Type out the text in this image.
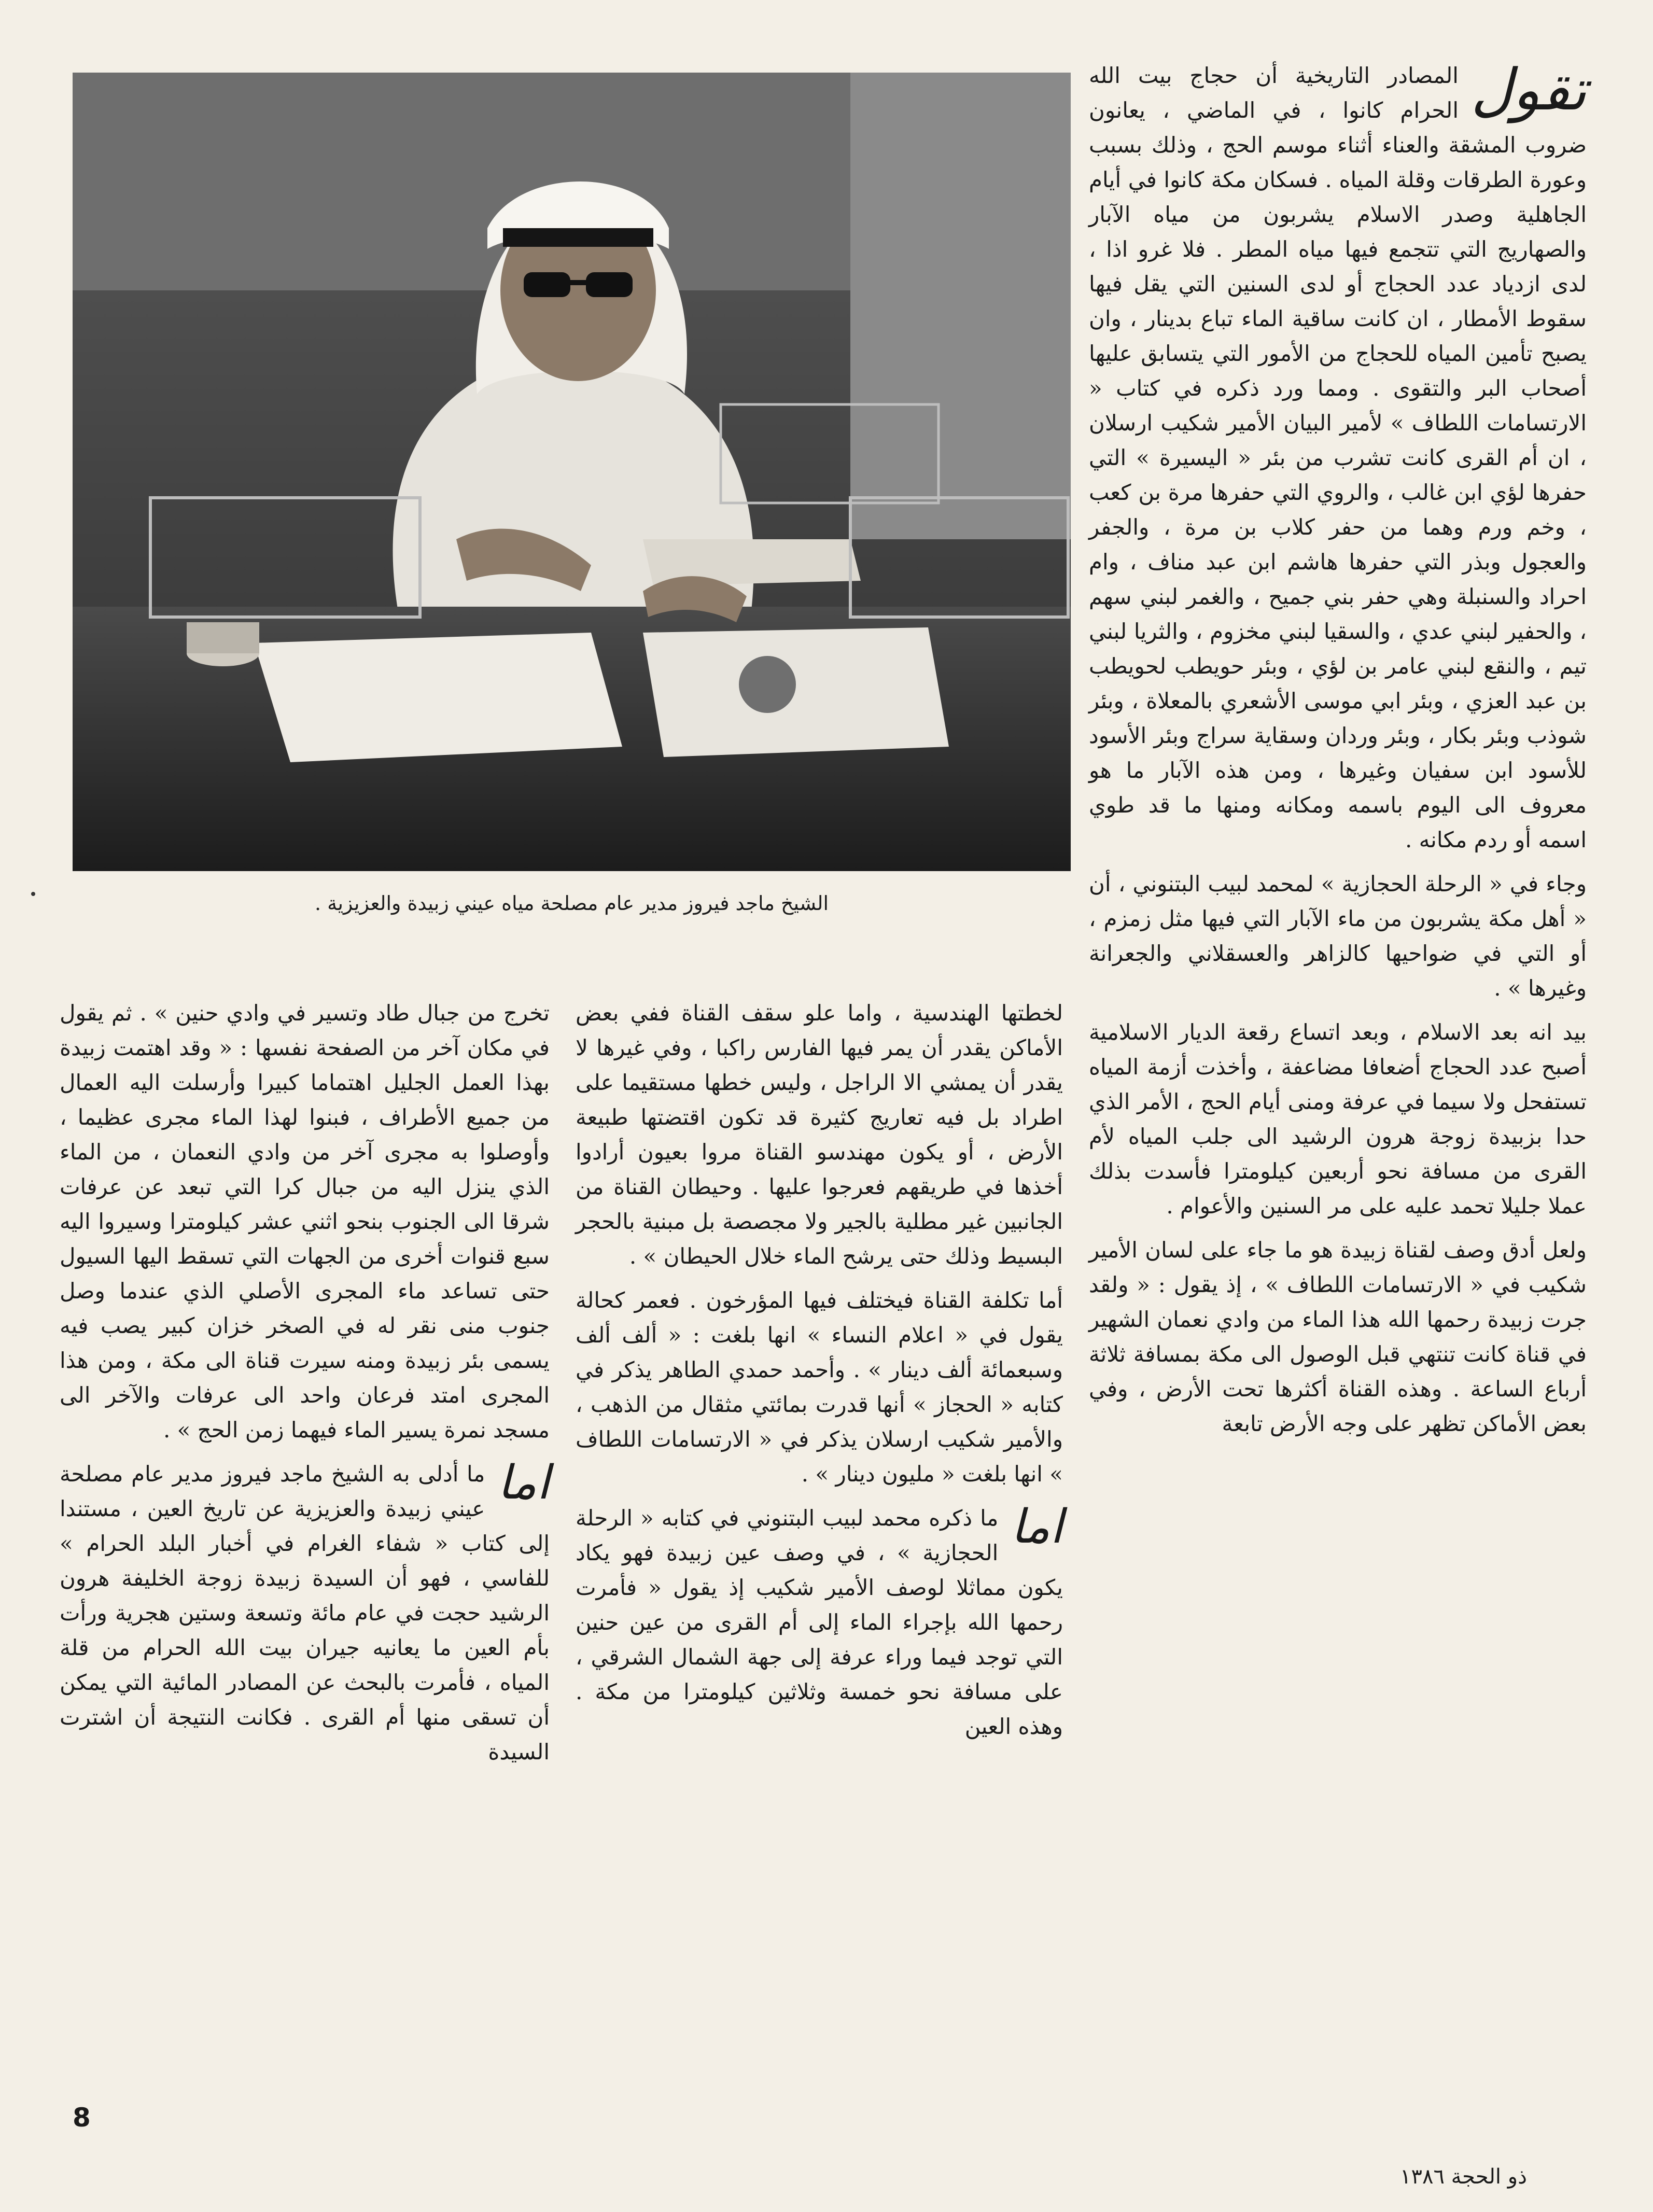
تقول

المصادر التاريخية أن حجاج بيت الله الحرام كانوا ، في الماضي ، يعانون ضروب المشقة والعناء أثناء موسم الحج ، وذلك بسبب وعورة الطرقات وقلة المياه . فسكان مكة كانوا في أيام الجاهلية وصدر الاسلام يشربون من مياه الآبار والصهاريج التي تتجمع فيها مياه المطر . فلا غرو اذا ، لدى ازدياد عدد الحجاج أو لدى السنين التي يقل فيها سقوط الأمطار ، ان كانت ساقية الماء تباع بدينار ، وان يصبح تأمين المياه للحجاج من الأمور التي يتسابق عليها أصحاب البر والتقوى . ومما ورد ذكره في كتاب « الارتسامات اللطاف » لأمير البيان الأمير شكيب ارسلان ، ان أم القرى كانت تشرب من بئر « اليسيرة » التي حفرها لؤي ابن غالب ، والروي التي حفرها مرة بن كعب ، وخم ورم وهما من حفر كلاب بن مرة ، والجفر والعجول وبذر التي حفرها هاشم ابن عبد مناف ، وام احراد والسنبلة وهي حفر بني جميح ، والغمر لبني سهم ، والحفير لبني عدي ، والسقيا لبني مخزوم ، والثريا لبني تيم ، والنقع لبني عامر بن لؤي ، وبئر حويطب لحويطب بن عبد العزي ، وبئر ابي موسى الأشعري بالمعلاة ، وبئر شوذب وبئر بكار ، وبئر وردان وسقاية سراج وبئر الأسود للأسود ابن سفيان وغيرها ، ومن هذه الآبار ما هو معروف الى اليوم باسمه ومكانه ومنها ما قد طوي اسمه أو ردم مكانه .

وجاء في « الرحلة الحجازية » لمحمد لبيب البتنوني ، أن « أهل مكة يشربون من ماء الآبار التي فيها مثل زمزم ، أو التي في ضواحيها كالزاهر والعسقلاني والجعرانة وغيرها » .

بيد انه بعد الاسلام ، وبعد اتساع رقعة الديار الاسلامية أصبح عدد الحجاج أضعافا مضاعفة ، وأخذت أزمة المياه تستفحل ولا سيما في عرفة ومنى أيام الحج ، الأمر الذي حدا بزبيدة زوجة هرون الرشيد الى جلب المياه لأم القرى من مسافة نحو أربعين كيلومترا فأسدت بذلك عملا جليلا تحمد عليه على مر السنين والأعوام .

ولعل أدق وصف لقناة زبيدة هو ما جاء على لسان الأمير شكيب في « الارتسامات اللطاف » ، إذ يقول : « ولقد جرت زبيدة رحمها الله هذا الماء من وادي نعمان الشهير في قناة كانت تنتهي قبل الوصول الى مكة بمسافة ثلاثة أرباع الساعة . وهذه القناة أكثرها تحت الأرض ، وفي بعض الأماكن تظهر على وجه الأرض تابعة

الشيخ ماجد فيروز مدير عام مصلحة مياه عيني زبيدة والعزيزية .

لخطتها الهندسية ، واما علو سقف القناة ففي بعض الأماكن يقدر أن يمر فيها الفارس راكبا ، وفي غيرها لا يقدر أن يمشي الا الراجل ، وليس خطها مستقيما على اطراد بل فيه تعاريج كثيرة قد تكون اقتضتها طبيعة الأرض ، أو يكون مهندسو القناة مروا بعيون أرادوا أخذها في طريقهم فعرجوا عليها . وحيطان القناة من الجانبين غير مطلية بالجير ولا مجصصة بل مبنية بالحجر البسيط وذلك حتى يرشح الماء خلال الحيطان » .

أما تكلفة القناة فيختلف فيها المؤرخون . فعمر كحالة يقول في « اعلام النساء » انها بلغت : « ألف ألف وسبعمائة ألف دينار » . وأحمد حمدي الطاهر يذكر في كتابه « الحجاز » أنها قدرت بمائتي مثقال من الذهب ، والأمير شكيب ارسلان يذكر في « الارتسامات اللطاف » انها بلغت « مليون دينار » .

اما
ما ذكره محمد لبيب البتنوني في كتابه « الرحلة الحجازية » ، في وصف عين زبيدة فهو يكاد يكون مماثلا لوصف الأمير شكيب إذ يقول « فأمرت رحمها الله بإجراء الماء إلى أم القرى من عين حنين التي توجد فيما وراء عرفة إلى جهة الشمال الشرقي ، على مسافة نحو خمسة وثلاثين كيلومترا من مكة . وهذه العين

تخرج من جبال طاد وتسير في وادي حنين » . ثم يقول في مكان آخر من الصفحة نفسها : « وقد اهتمت زبيدة بهذا العمل الجليل اهتماما كبيرا وأرسلت اليه العمال من جميع الأطراف ، فبنوا لهذا الماء مجرى عظيما ، وأوصلوا به مجرى آخر من وادي النعمان ، من الماء الذي ينزل اليه من جبال كرا التي تبعد عن عرفات شرقا الى الجنوب بنحو اثني عشر كيلومترا وسيروا اليه سبع قنوات أخرى من الجهات التي تسقط اليها السيول حتى تساعد ماء المجرى الأصلي الذي عندما وصل جنوب منى نقر له في الصخر خزان كبير يصب فيه يسمى بئر زبيدة ومنه سيرت قناة الى مكة ، ومن هذا المجرى امتد فرعان واحد الى عرفات والآخر الى مسجد نمرة يسير الماء فيهما زمن الحج » .

اما
ما أدلى به الشيخ ماجد فيروز مدير عام مصلحة عيني زبيدة والعزيزية عن تاريخ العين ، مستندا إلى كتاب « شفاء الغرام في أخبار البلد الحرام » للفاسي ، فهو أن السيدة زبيدة زوجة الخليفة هرون الرشيد حجت في عام مائة وتسعة وستين هجرية ورأت بأم العين ما يعانيه جيران بيت الله الحرام من قلة المياه ، فأمرت بالبحث عن المصادر المائية التي يمكن أن تسقى منها أم القرى . فكانت النتيجة أن اشترت السيدة

8
ذو الحجة ١٣٨٦
